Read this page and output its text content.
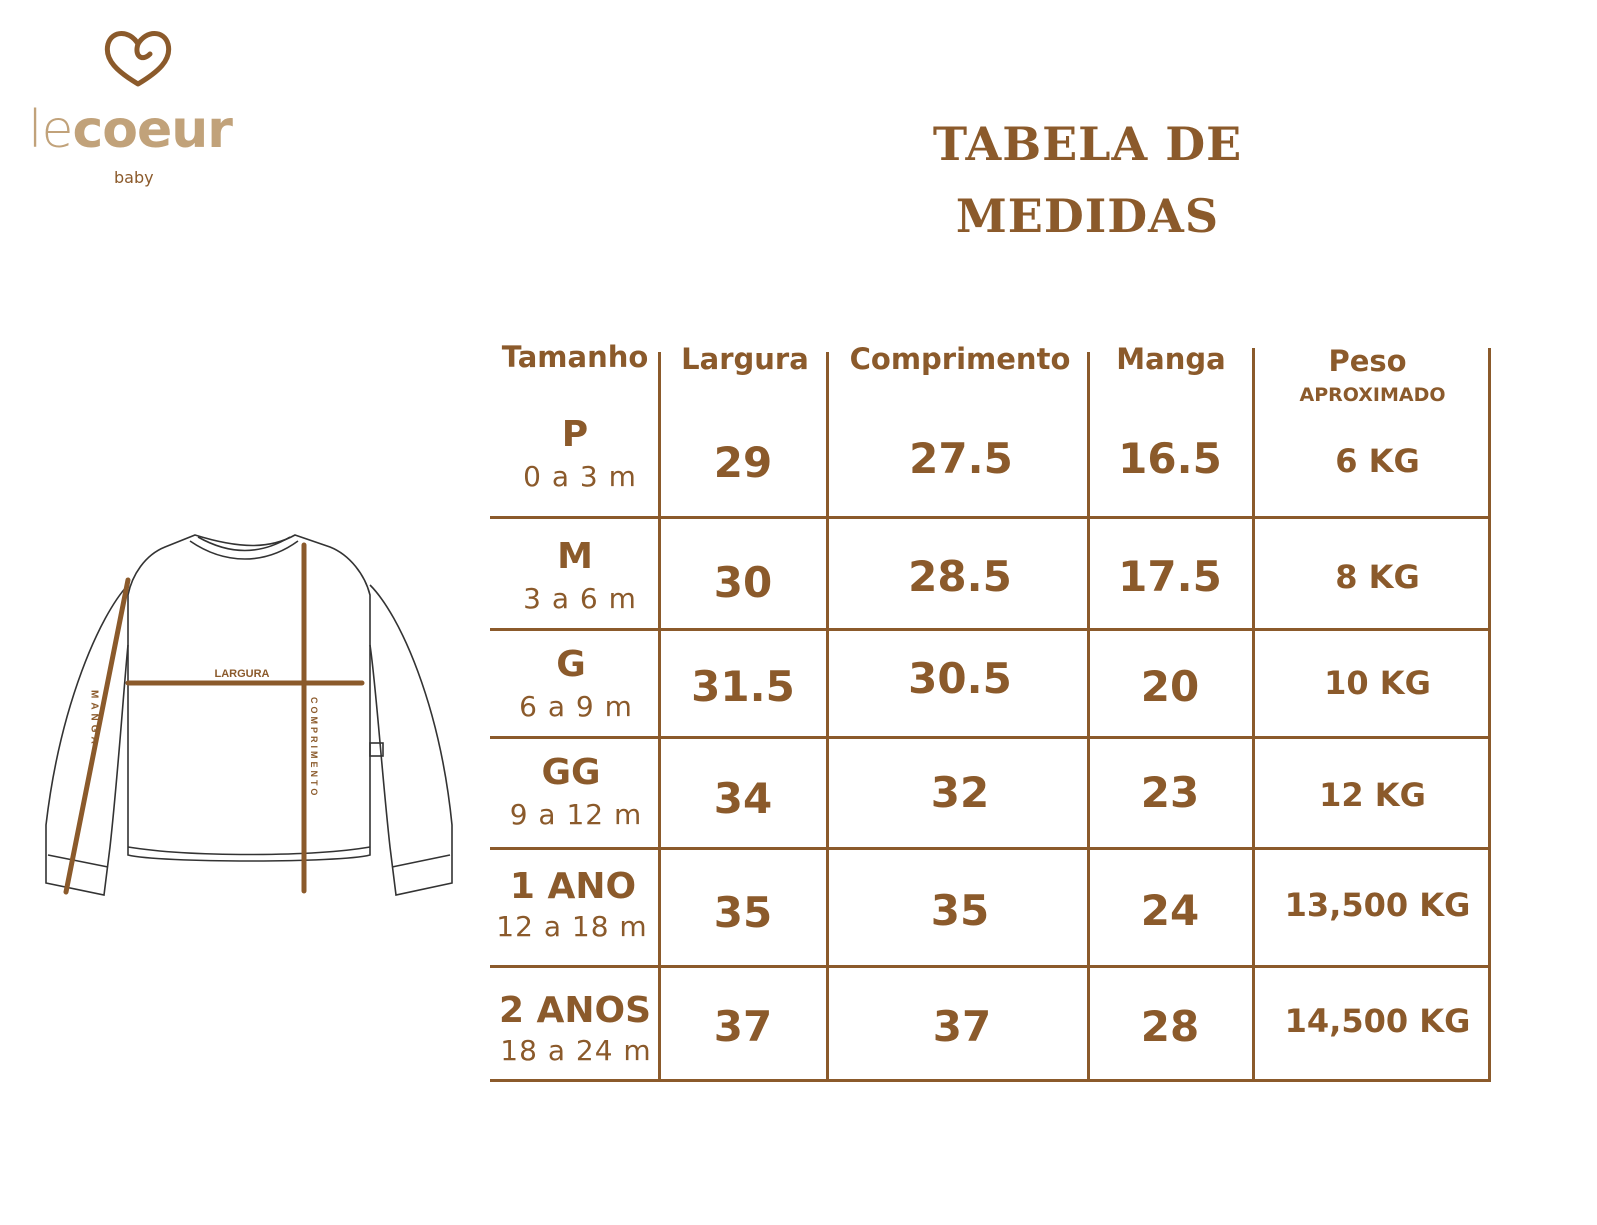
lecoeur
baby
TABELA DE
MEDIDAS
LARGURA
MANGA	COMPRIMENTO
Tamanho	Largura	Comprimento	Manga	Peso
APROXIMADO
P
0 a 3 m	29	27.5	16.5	6 KG
M
3 a 6 m	30	28.5	17.5	8 KG
G
6 a 9 m	31.5	30.5	20	10 KG
GG
9 a 12 m	34	32	23	12 KG
1 ANO
12 a 18 m	35	35	24	13,500 KG
2 ANOS
18 a 24 m	37	37	28	14,500 KG
